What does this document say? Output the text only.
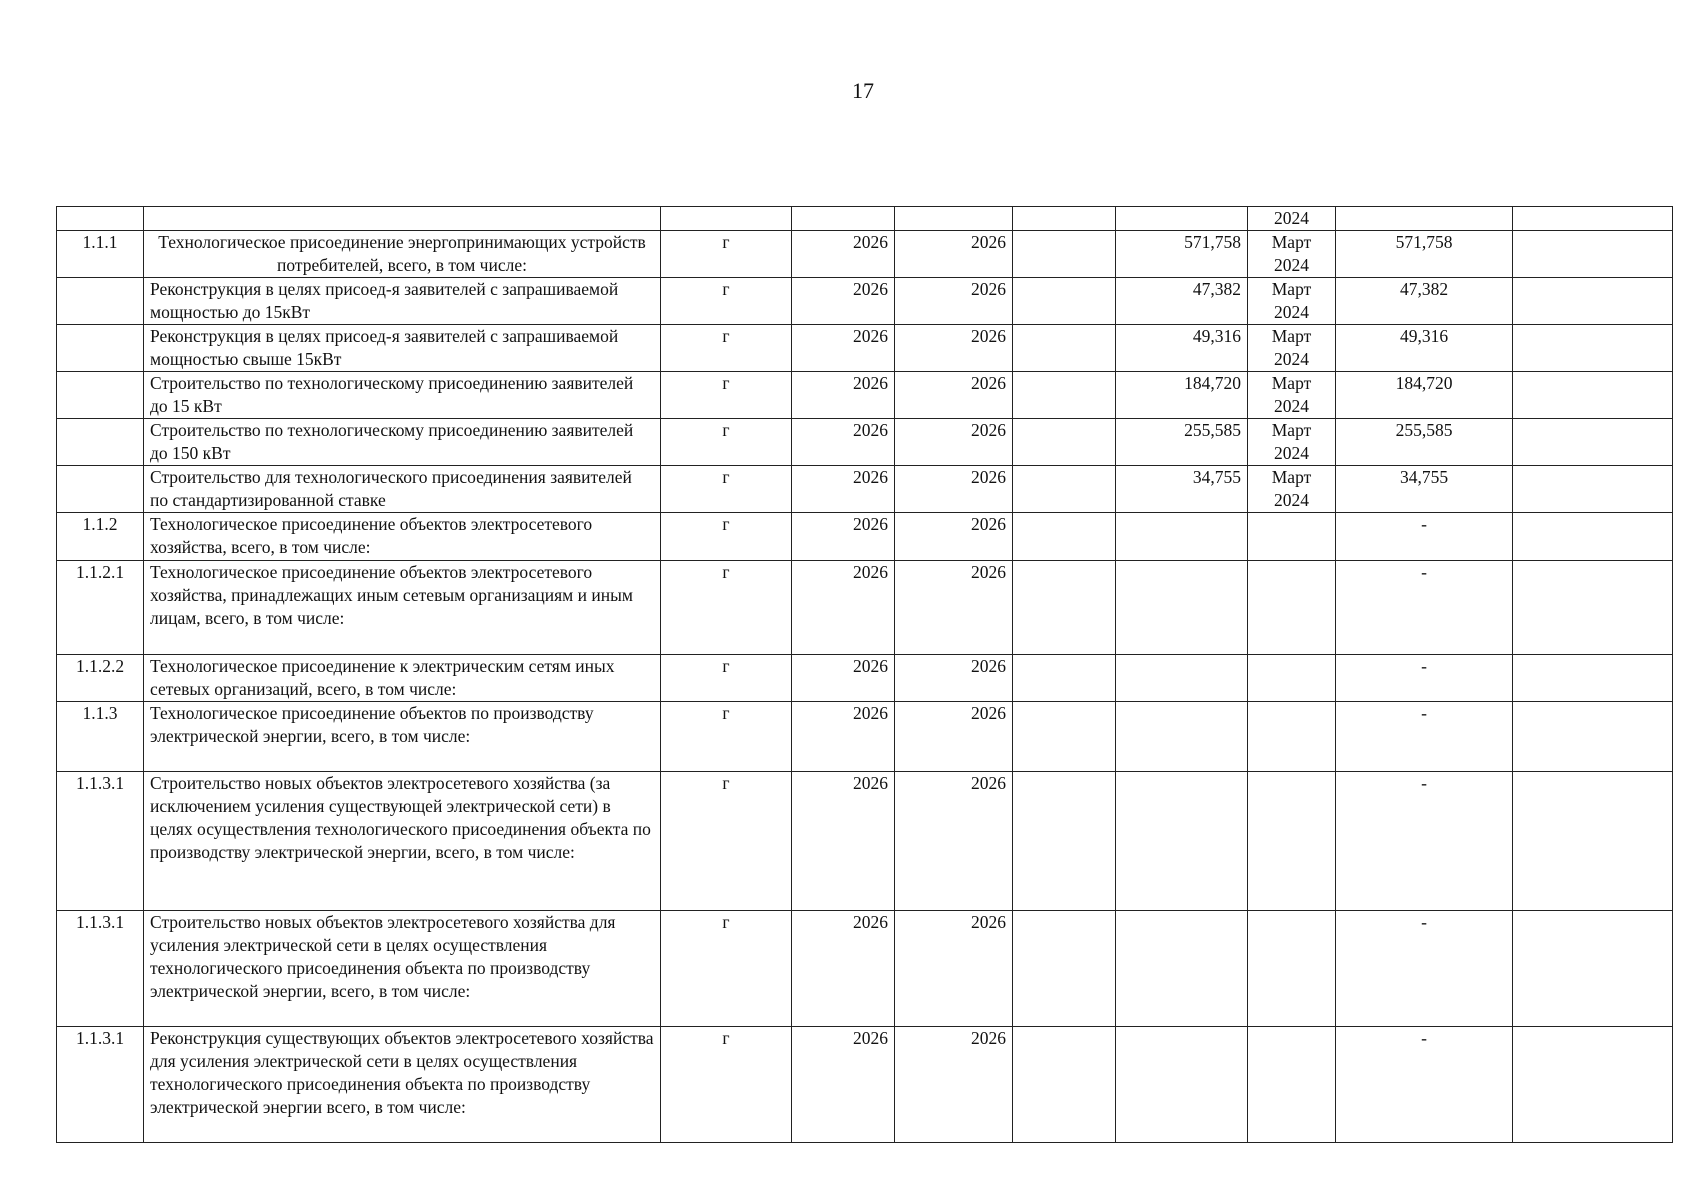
17
							2024		
1.1.1	Технологическое присоединение энергопринимающих устройств потребителей, всего, в том числе:	г	2026	2026		571,758	Март 2024	571,758	
	Реконструкция в целях присоед-я заявителей с запрашиваемой мощностью до 15кВт	г	2026	2026		47,382	Март 2024	47,382	
	Реконструкция в целях присоед-я заявителей с запрашиваемой мощностью свыше 15кВт	г	2026	2026		49,316	Март 2024	49,316	
	Строительство по технологическому присоединению заявителей до 15 кВт	г	2026	2026		184,720	Март 2024	184,720	
	Строительство по технологическому присоединению заявителей до 150 кВт	г	2026	2026		255,585	Март 2024	255,585	
	Строительство для технологического присоединения заявителей по стандартизированной ставке	г	2026	2026		34,755	Март 2024	34,755	
1.1.2	Технологическое присоединение объектов электросетевого хозяйства, всего, в том числе:	г	2026	2026				-	
1.1.2.1	Технологическое присоединение объектов электросетевого хозяйства, принадлежащих иным сетевым организациям и иным лицам, всего, в том числе:	г	2026	2026				-	
1.1.2.2	Технологическое присоединение к электрическим сетям иных сетевых организаций, всего, в том числе:	г	2026	2026				-	
1.1.3	Технологическое присоединение объектов по производству электрической энергии, всего, в том числе:	г	2026	2026				-	
1.1.3.1	Строительство новых объектов электросетевого хозяйства (за исключением усиления существующей электрической сети) в целях осуществления технологического присоединения объекта по производству электрической энергии, всего, в том числе:	г	2026	2026				-	
1.1.3.1	Строительство новых объектов электросетевого хозяйства для усиления электрической сети в целях осуществления технологического присоединения объекта по производству электрической энергии, всего, в том числе:	г	2026	2026				-	
1.1.3.1	Реконструкция существующих объектов электросетевого хозяйства для усиления электрической сети в целях осуществления технологического присоединения объекта по производству электрической энергии всего, в том числе:	г	2026	2026				-	
